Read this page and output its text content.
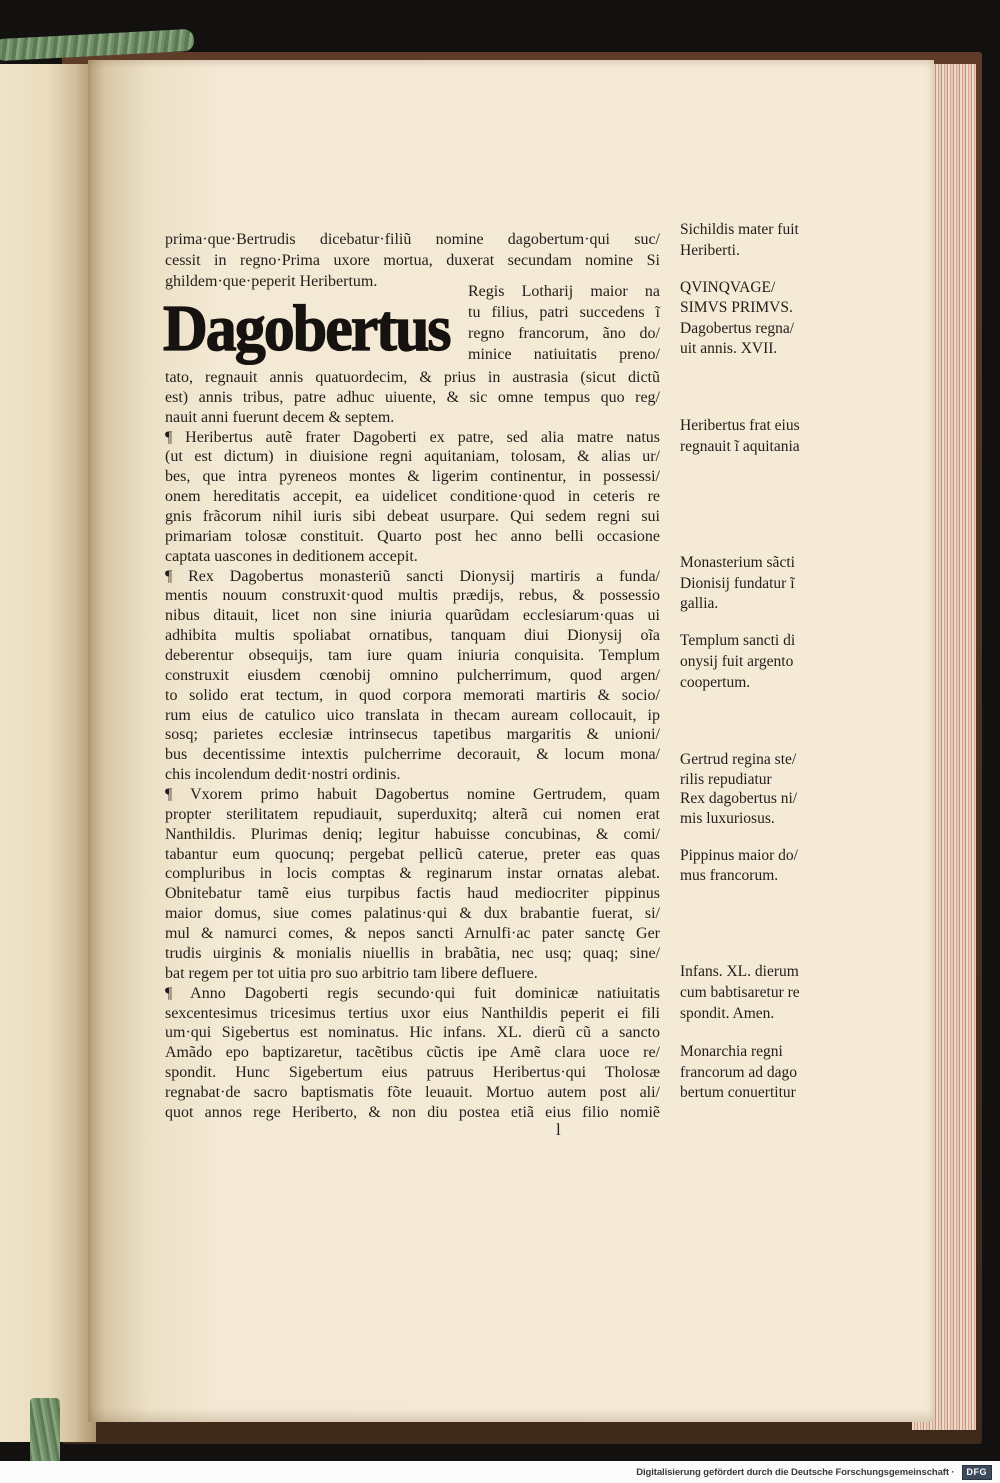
prima·que·Bertrudis dicebatur·filiũ nomine dagobertum·qui suc/
cessit in regno·Prima uxore mortua, duxerat secundam nomine Si
ghildem·que·peperit Heribertum.
Dagobertus
Regis Lotharij maior na
tu filius, patri succedens ĩ
regno francorum, ãno do/
minice natiuitatis preno/
tato, regnauit annis quatuordecim, & prius in austrasia (sicut dictũ
est) annis tribus, patre adhuc uiuente, & sic omne tempus quo reg/
nauit anni fuerunt decem & septem.
¶ Heribertus autẽ frater Dagoberti ex patre, sed alia matre natus
(ut est dictum) in diuisione regni aquitaniam, tolosam, & alias ur/
bes, que intra pyreneos montes & ligerim continentur, in possessi/
onem hereditatis accepit, ea uidelicet conditione·quod in ceteris re
gnis frãcorum nihil iuris sibi debeat usurpare. Qui sedem regni sui
primariam tolosæ constituit. Quarto post hec anno belli occasione
captata uascones in deditionem accepit.
¶ Rex Dagobertus monasteriũ sancti Dionysij martiris a funda/
mentis nouum construxit·quod multis prædijs, rebus, & possessio
nibus ditauit, licet non sine iniuria quarũdam ecclesiarum·quas ui
adhibita multis spoliabat ornatibus, tanquam diui Dionysij oĩa
deberentur obsequijs, tam iure quam iniuria conquisita. Templum
construxit eiusdem cœnobij omnino pulcherrimum, quod argen/
to solido erat tectum, in quod corpora memorati martiris & socio/
rum eius de catulico uico translata in thecam auream collocauit, ip
sosq; parietes ecclesiæ intrinsecus tapetibus margaritis & unioni/
bus decentissime intextis pulcherrime decorauit, & locum mona/
chis incolendum dedit·nostri ordinis.
¶ Vxorem primo habuit Dagobertus nomine Gertrudem, quam
propter sterilitatem repudiauit, superduxitq; alterã cui nomen erat
Nanthildis. Plurimas deniq; legitur habuisse concubinas, & comi/
tabantur eum quocunq; pergebat pellicũ caterue, preter eas quas
compluribus in locis comptas & reginarum instar ornatas alebat.
Obnitebatur tamẽ eius turpibus factis haud mediocriter pippinus
maior domus, siue comes palatinus·qui & dux brabantie fuerat, si/
mul & namurci comes, & nepos sancti Arnulfi·ac pater sanctę Ger
trudis uirginis & monialis niuellis in brabãtia, nec usq; quaq; sine/
bat regem per tot uitia pro suo arbitrio tam libere defluere.
¶ Anno Dagoberti regis secundo·qui fuit dominicæ natiuitatis
sexcentesimus tricesimus tertius uxor eius Nanthildis peperit ei fili
um·qui Sigebertus est nominatus. Hic infans. XL. dierũ cũ a sancto
Amãdo epo baptizaretur, tacẽtibus cũctis ipe Amẽ clara uoce re/
spondit. Hunc Sigebertum eius patruus Heribertus·qui Tholosæ
regnabat·de sacro baptismatis fõte leuauit. Mortuo autem post ali/
quot annos rege Heriberto, & non diu postea etiã eius filio nomiẽ
l
Sichildis mater fuit
Heriberti.
QVINQVAGE/
SIMVS PRIMVS.
Dagobertus regna/
uit annis. XVII.
Heribertus frat eius
regnauit ĩ aquitania
Monasterium sãcti
Dionisij fundatur ĩ
gallia.
Templum sancti di
onysij fuit argento
coopertum.
Gertrud regina ste/
rilis repudiatur
Rex dagobertus ni/
mis luxuriosus.
Pippinus maior do/
mus francorum.
Infans. XL. dierum
cum babtisaretur re
spondit. Amen.
Monarchia regni
francorum ad dago
bertum conuertitur
Digitalisierung gefördert durch die Deutsche Forschungsgemeinschaft ·	DFG
